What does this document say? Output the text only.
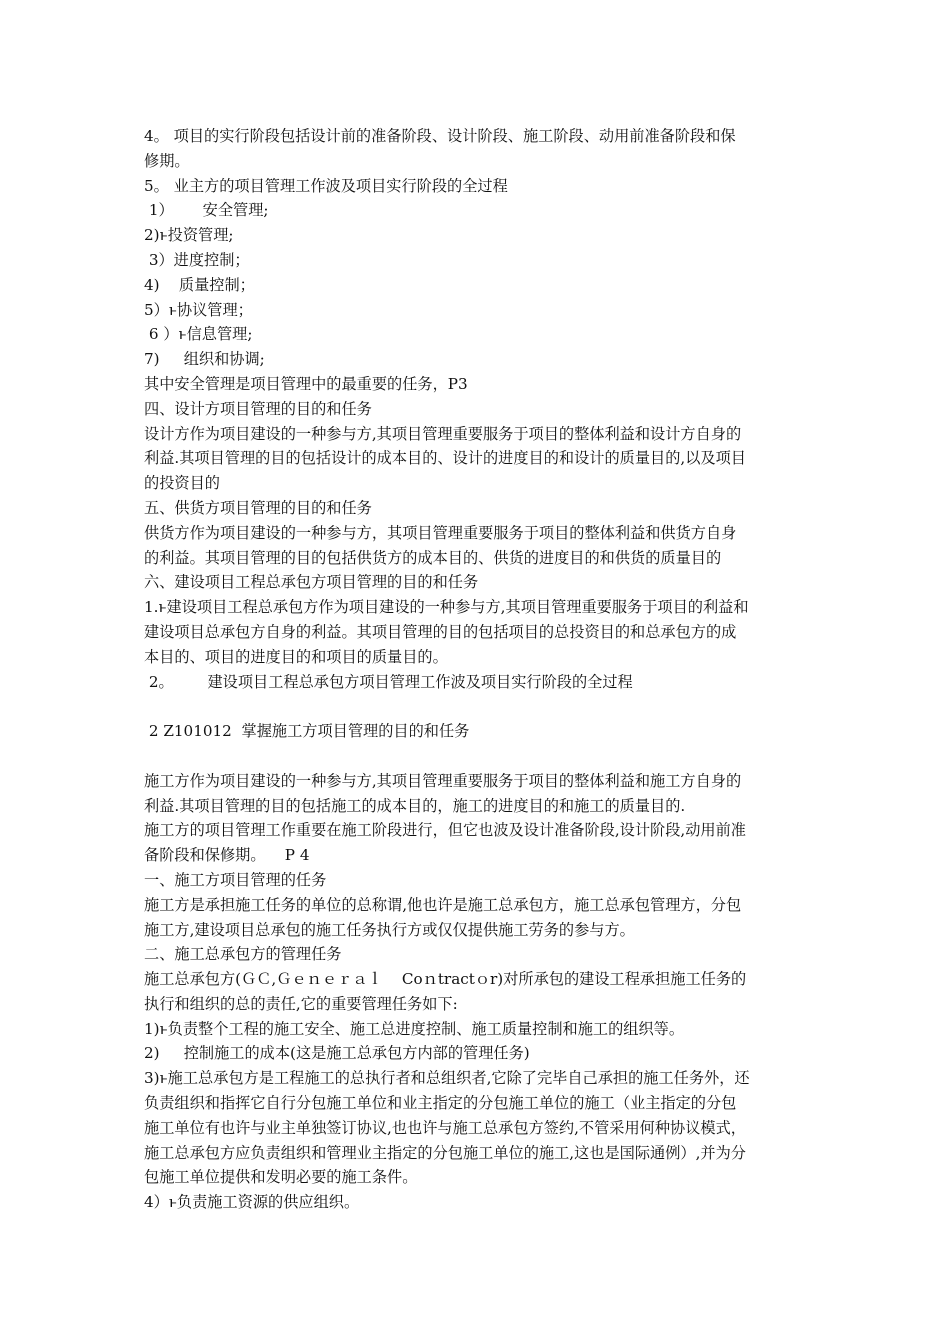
4。 项目的实行阶段包括设计前的准备阶段、设计阶段、施工阶段、动用前准备阶段和保
修期。
5。 业主方的项目管理工作波及项目实行阶段的全过程
1）      安全管理;
2)ͱ投资管理;
3）进度控制；
4)    质量控制；
5）ͱ协议管理；
6 ）ͱ信息管理;
7)     组织和协调;
其中安全管理是项目管理中的最重要的任务，P3
四、设计方项目管理的目的和任务
设计方作为项目建设的一种参与方,其项目管理重要服务于项目的整体利益和设计方自身的
利益.其项目管理的目的包括设计的成本目的、设计的进度目的和设计的质量目的,以及项目
的投资目的
五、供货方项目管理的目的和任务
供货方作为项目建设的一种参与方，其项目管理重要服务于项目的整体利益和供货方自身
的利益。其项目管理的目的包括供货方的成本目的、供货的进度目的和供货的质量目的
六、建设项目工程总承包方项目管理的目的和任务
1.ͱ建设项目工程总承包方作为项目建设的一种参与方,其项目管理重要服务于项目的利益和
建设项目总承包方自身的利益。其项目管理的目的包括项目的总投资目的和总承包方的成
本目的、项目的进度目的和项目的质量目的。
2。       建设项目工程总承包方项目管理工作波及项目实行阶段的全过程
2 Z101012  掌握施工方项目管理的目的和任务
施工方作为项目建设的一种参与方,其项目管理重要服务于项目的整体利益和施工方自身的
利益.其项目管理的目的包括施工的成本目的，施工的进度目的和施工的质量目的.
施工方的项目管理工作重要在施工阶段进行，但它也波及设计准备阶段,设计阶段,动用前准
备阶段和保修期。    P 4
一、施工方项目管理的任务
施工方是承担施工任务的单位的总称谓,他也许是施工总承包方，施工总承包管理方，分包
施工方,建设项目总承包的施工任务执行方或仅仅提供施工劳务的参与方。
二、施工总承包方的管理任务
施工总承包方(ＧＣ,Ｇｅｎｅｒａｌ    Coｎtractｏr)对所承包的建设工程承担施工任务的
执行和组织的总的责任,它的重要管理任务如下:
1)ͱ负责整个工程的施工安全、施工总进度控制、施工质量控制和施工的组织等。
2)     控制施工的成本(这是施工总承包方内部的管理任务)
3)ͱ施工总承包方是工程施工的总执行者和总组织者,它除了完毕自己承担的施工任务外，还
负责组织和指挥它自行分包施工单位和业主指定的分包施工单位的施工（业主指定的分包
施工单位有也许与业主单独签订协议,也也许与施工总承包方签约,不管采用何种协议模式，
施工总承包方应负责组织和管理业主指定的分包施工单位的施工,这也是国际通例）,并为分
包施工单位提供和发明必要的施工条件。
4）ͱ负责施工资源的供应组织。
